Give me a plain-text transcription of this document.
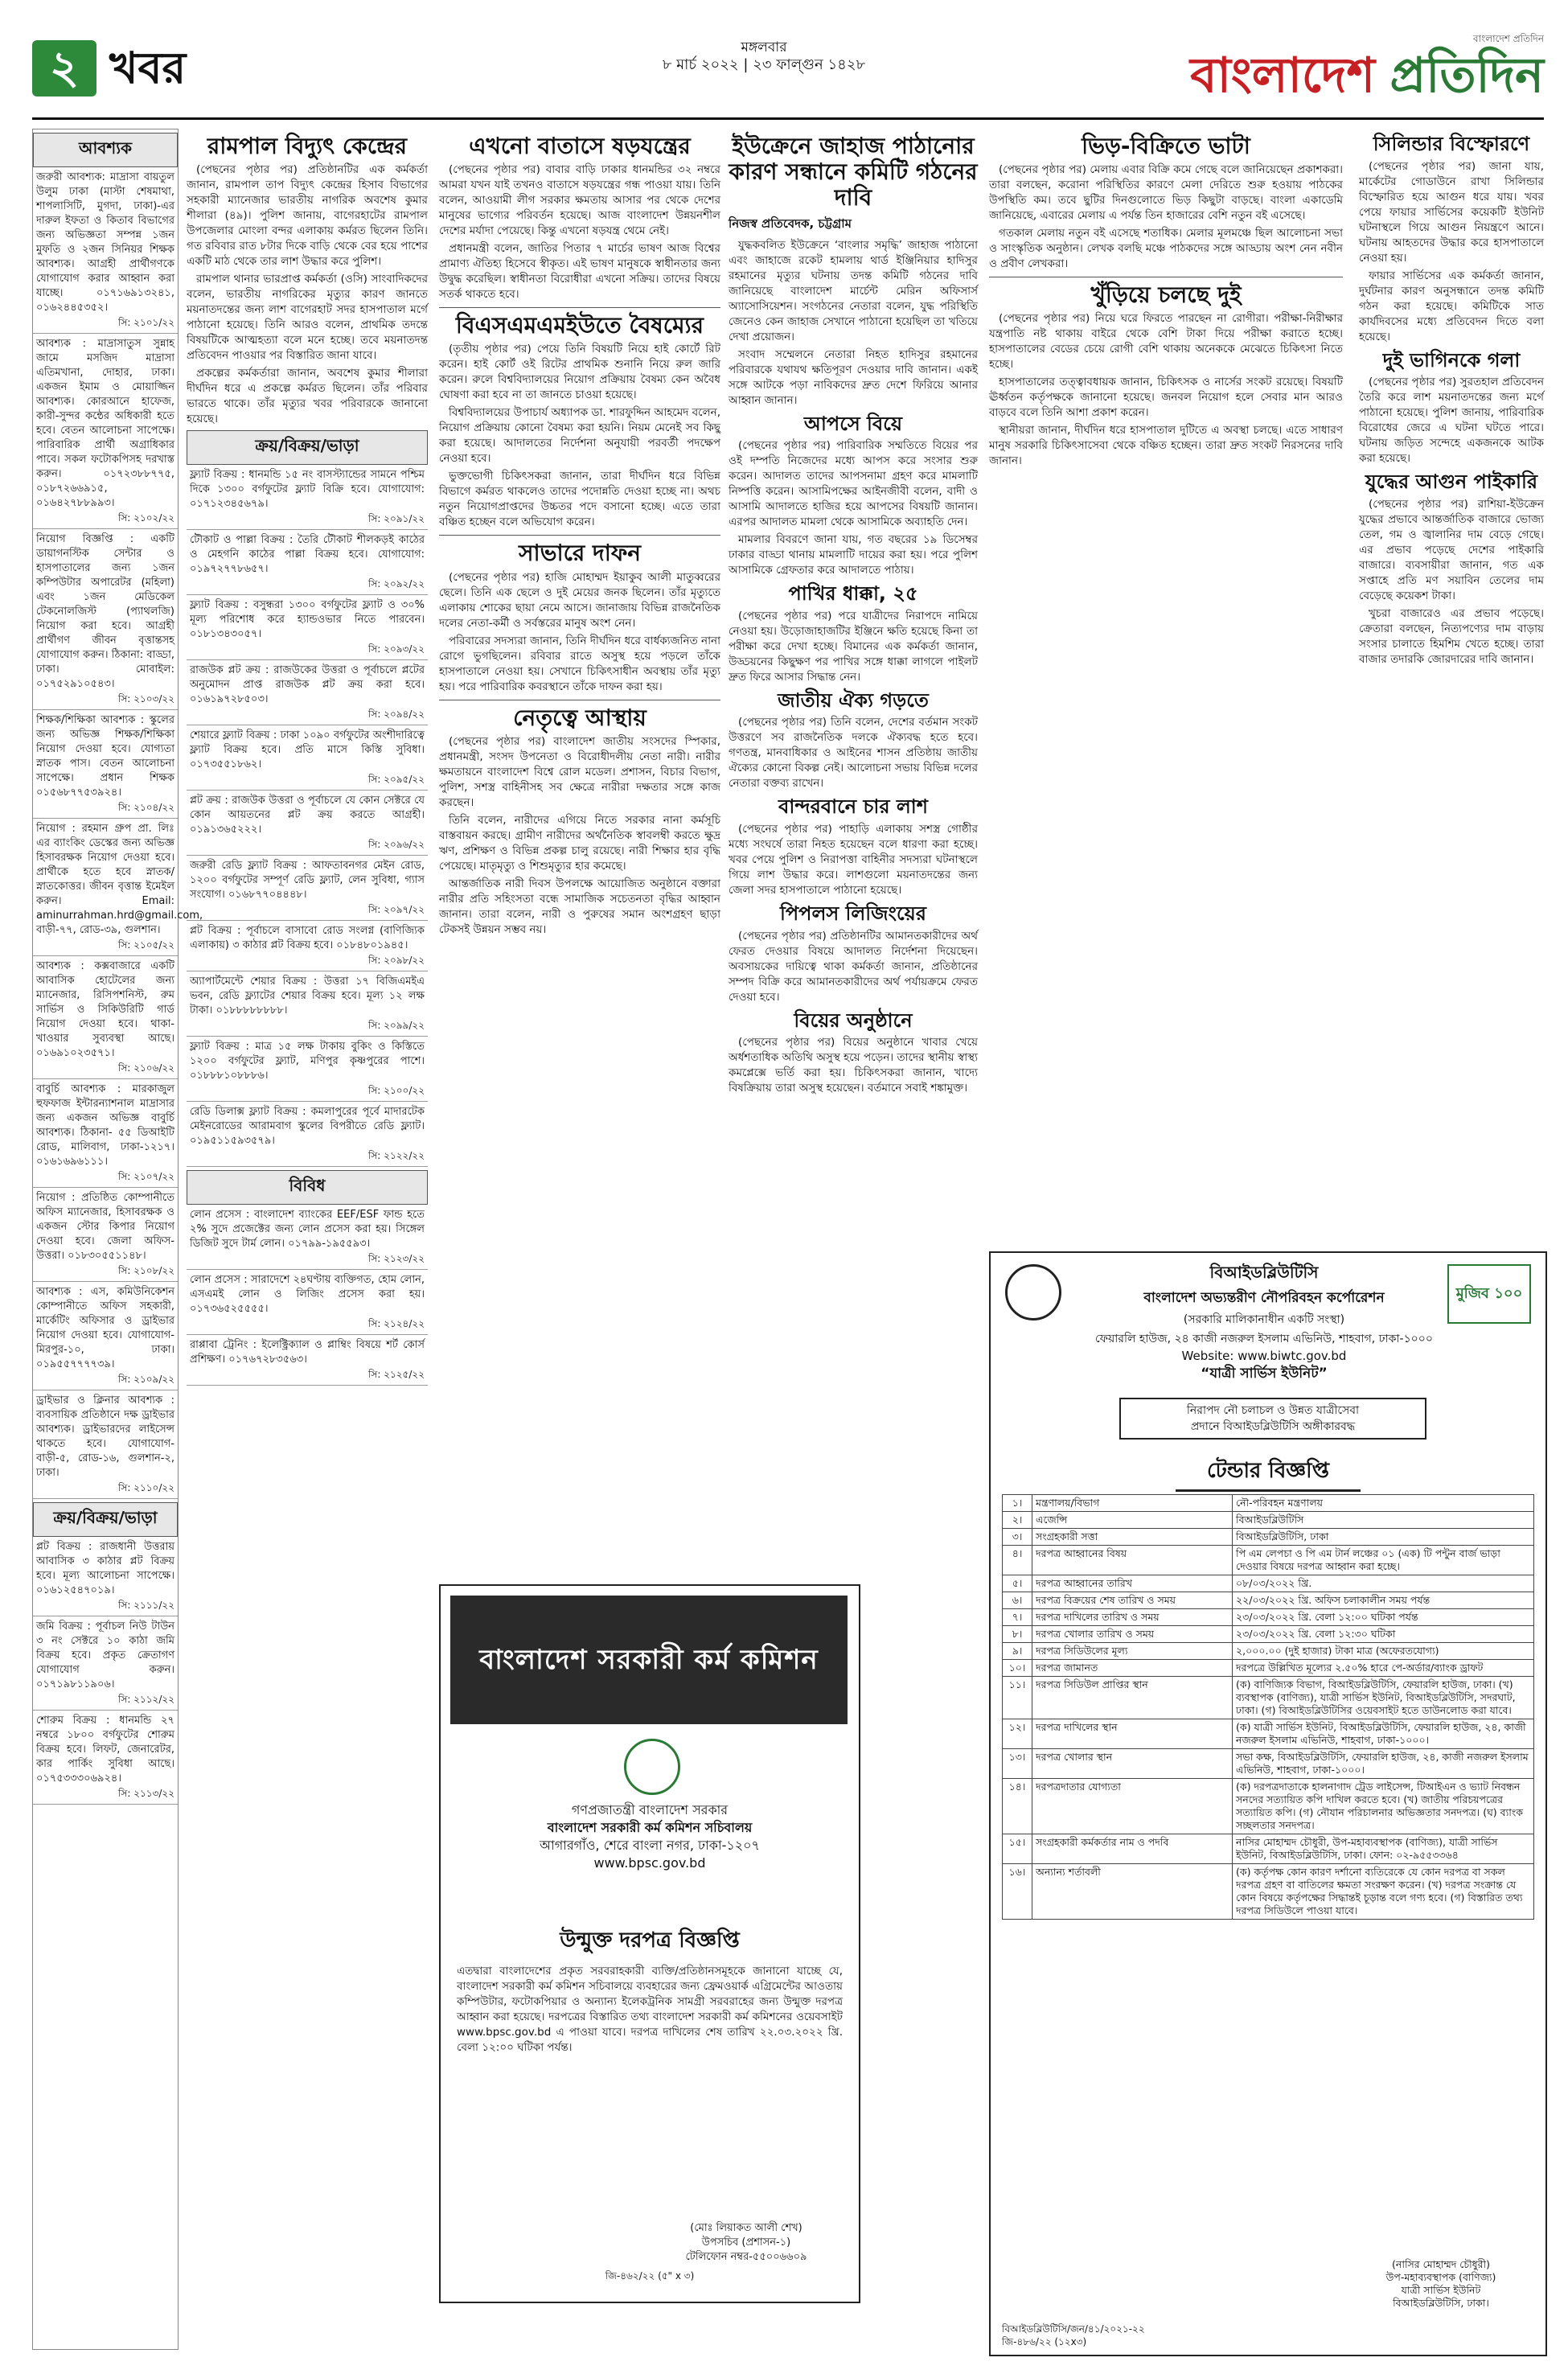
২ খবর	মঙ্গলবার
৮ মার্চ ২০২২ | ২৩ ফাল্গুন ১৪২৮
বাংলাদেশ প্রতিদিন
বাংলাদেশ প্রতিদিন
আবশ্যক
জরুরী আবশ্যক: মাদ্রাসা বায়তুল উলুম ঢাকা (মাস্টা শেষমাথা, শাপলাসিটি, মুগদা, ঢাকা)-এর দারুল ইফতা ও কিতাব বিভাগের জন্য অভিজ্ঞতা সম্পন্ন ১জন মুফতি ও ২জন সিনিয়র শিক্ষক আবশ্যক। আগ্রহী প্রার্থীগণকে যোগাযোগ করার আহ্বান করা যাচ্ছে। ০১৭১৬৯১৩২৪১, ০১৬২৪৪৫৩৫২।
সি: ২১০১/২২
আবশ্যক : মাদ্রাসাতুস সুন্নাহ জামে মসজিদ মাদ্রাসা এতিমখানা, দোহার, ঢাকা। একজন ইমাম ও মোয়াজ্জিন আবশ্যক। কোরআনে হাফেজ, কারী-সুন্দর কন্ঠের অধিকারী হতে হবে। বেতন আলোচনা সাপেক্ষে। পারিবারিক প্রার্থী অগ্রাধিকার পাবে। সকল ফটোকপিসহ দরখাস্ত করুন। ০১৭২৩৮৮৭৭৫, ০১৮৭২৬৬৯১৫, ০১৬৪২৭৮৮৯৯৩।
সি: ২১০২/২২
নিয়োগ বিজ্ঞপ্তি : একটি ডায়াগনস্টিক সেন্টার ও হাসপাতালের জন্য ১জন কম্পিউটার অপারেটর (মহিলা) এবং ১জন মেডিকেল টেকনোলজিস্ট (প্যাথলজি) নিয়োগ করা হবে। আগ্রহী প্রার্থীগণ জীবন বৃত্তান্তসহ যোগাযোগ করুন। ঠিকানা: বাড্ডা, ঢাকা। মোবাইল: ০১৭৫২৯১০৫৪৩।
সি: ২১০৩/২২
শিক্ষক/শিক্ষিকা আবশ্যক : স্কুলের জন্য অভিজ্ঞ শিক্ষক/শিক্ষিকা নিয়োগ দেওয়া হবে। যোগ্যতা স্নাতক পাস। বেতন আলোচনা সাপেক্ষে। প্রধান শিক্ষক ০১৫৬৮৭৭৫৩৯২৪।
সি: ২১০৪/২২
নিয়োগ : রহমান গ্রুপ প্রা. লিঃ এর ব্যাংকিং ডেস্কের জন্য অভিজ্ঞ হিসাবরক্ষক নিয়োগ দেওয়া হবে। প্রার্থীকে হতে হবে স্নাতক/স্নাতকোত্তর। জীবন বৃত্তান্ত ইমেইল করুন। Email: aminurrahman.hrd@gmail.com, বাড়ী-৭৭, রোড-৩৯, গুলশান।
সি: ২১০৫/২২
আবশ্যক : কক্সবাজারে একটি আবাসিক হোটেলের জন্য ম্যানেজার, রিসিপশনিস্ট, রুম সার্ভিস ও সিকিউরিটি গার্ড নিয়োগ দেওয়া হবে। থাকা-খাওয়ার সুব্যবস্থা আছে। ০১৬৯১০২৩৫৭১।
সি: ২১০৬/২২
বাবুর্চি আবশ্যক : মারকাজুল হুফফাজ ইন্টারন্যাশনাল মাদ্রাসার জন্য একজন অভিজ্ঞ বাবুর্চি আবশ্যক। ঠিকানা- ৫৫ ডিআইটি রোড, মালিবাগ, ঢাকা-১২১৭। ০১৬১৬৯৬১১১।
সি: ২১০৭/২২
নিয়োগ : প্রতিষ্ঠিত কোম্পানীতে অফিস ম্যানেজার, হিসাবরক্ষক ও একজন স্টোর কিপার নিয়োগ দেওয়া হবে। জেলা অফিস-উত্তরা। ০১৮৩০৫৫১১৪৮।
সি: ২১০৮/২২
আবশ্যক : এস, কমিউনিকেশন কোম্পানীতে অফিস সহকারী, মার্কেটিং অফিসার ও ড্রাইভার নিয়োগ দেওয়া হবে। যোগাযোগ- মিরপুর-১০, ঢাকা। ০১৯৫৫৭৭৭৭৩৯।
সি: ২১০৯/২২
ড্রাইভার ও ক্লিনার আবশ্যক : ব্যবসায়িক প্রতিষ্ঠানে দক্ষ ড্রাইভার আবশ্যক। ড্রাইভারদের লাইসেন্স থাকতে হবে। যোগাযোগ- বাড়ী-৫, রোড-১৬, গুলশান-২, ঢাকা।
সি: ২১১০/২২
ক্রয়/বিক্রয়/ভাড়া
প্লট বিক্রয় : রাজধানী উত্তরায় আবাসিক ৩ কাঠার প্লট বিক্রয় হবে। মূল্য আলোচনা সাপেক্ষে। ০১৬১২৫৪৭০১৯।
সি: ২১১১/২২
জমি বিক্রয় : পূর্বাচল নিউ টাউন ৩ নং সেক্টরে ১০ কাঠা জমি বিক্রয় হবে। প্রকৃত ক্রেতাগণ যোগাযোগ করুন। ০১৭১৯৮১১৯০৬।
সি: ২১১২/২২
শোরুম বিক্রয় : ধানমন্ডি ২৭ নম্বরে ১৮০০ বর্গফুটের শোরুম বিক্রয় হবে। লিফট, জেনারেটর, কার পার্কিং সুবিধা আছে। ০১৭৫৩৩৩০৬৯২৪।
সি: ২১১৩/২২
রামপাল বিদ্যুৎ কেন্দ্রের

(পেছনের পৃষ্ঠার পর) প্রতিষ্ঠানটির এক কর্মকর্তা জানান, রামপাল তাপ বিদ্যুৎ কেন্দ্রের হিসাব বিভাগের সহকারী ম্যানেজার ভারতীয় নাগরিক অবশেষ কুমার শীলারা (৪৯)। পুলিশ জানায়, বাগেরহাটের রামপাল উপজেলার মোংলা বন্দর এলাকায় কর্মরত ছিলেন তিনি। গত রবিবার রাত ৮টার দিকে বাড়ি থেকে বের হয়ে পাশের একটি মাঠ থেকে তার লাশ উদ্ধার করে পুলিশ।

রামপাল থানার ভারপ্রাপ্ত কর্মকর্তা (ওসি) সাংবাদিকদের বলেন, ভারতীয় নাগরিকের মৃত্যুর কারণ জানতে ময়নাতদন্তের জন্য লাশ বাগেরহাট সদর হাসপাতাল মর্গে পাঠানো হয়েছে। তিনি আরও বলেন, প্রাথমিক তদন্তে বিষয়টিকে আত্মহত্যা বলে মনে হচ্ছে। তবে ময়নাতদন্ত প্রতিবেদন পাওয়ার পর বিস্তারিত জানা যাবে।

প্রকল্পের কর্মকর্তারা জানান, অবশেষ কুমার শীলারা দীর্ঘদিন ধরে এ প্রকল্পে কর্মরত ছিলেন। তাঁর পরিবার ভারতে থাকে। তাঁর মৃত্যুর খবর পরিবারকে জানানো হয়েছে।

ক্রয়/বিক্রয়/ভাড়া
ফ্ল্যাট বিক্রয় : ধানমন্ডি ১৫ নং বাসস্ট্যান্ডের সামনে পশ্চিম দিকে ১৩০০ বর্গফুটের ফ্ল্যাট বিক্রি হবে। যোগাযোগ: ০১৭১২৩৪৫৬৭৯।
সি: ২০৯১/২২
টৌকাট ও পাল্লা বিক্রয় : তৈরি টৌকাট শীলকড়ই কাঠের ও মেহগনি কাঠের পাল্লা বিক্রয় হবে। যোগাযোগ: ০১৯৭২৭৭৮৬৫৭।
সি: ২০৯২/২২
ফ্ল্যাট বিক্রয় : বসুন্ধরা ১৩০০ বর্গফুটের ফ্ল্যাট ও ৩০% মূল্য পরিশোধ করে হ্যান্ডওভার নিতে পারবেন। ০১৮১৩৪৩০৫৭।
সি: ২০৯৩/২২
রাজউক প্লট ক্রয় : রাজউকের উত্তরা ও পূর্বাচলে প্লটের অনুমোদন প্রাপ্ত রাজউক প্লট ক্রয় করা হবে। ০১৬১৯৭২৮৫০৩।
সি: ২০৯৪/২২
শেয়ারে ফ্ল্যাট বিক্রয় : ঢাকা ১০৯০ বর্গফুটের অংশীদারিত্বে ফ্ল্যাট বিক্রয় হবে। প্রতি মাসে কিস্তি সুবিধা। ০১৭৩৫৫১৮৬২।
সি: ২০৯৫/২২
প্লট ক্রয় : রাজউক উত্তরা ও পূর্বাচলে যে কোন সেক্টরে যে কোন আয়তনের প্লট ক্রয় করতে আগ্রহী। ০১৯১৩৬৫২২২।
সি: ২০৯৬/২২
জরুরী রেডি ফ্ল্যাট বিক্রয় : আফতাবনগর মেইন রোড, ১২০০ বর্গফুটের সম্পূর্ণ রেডি ফ্ল্যাট, লেন সুবিধা, গ্যাস সংযোগ। ০১৬৮৭৭০৪৪৪৮।
সি: ২০৯৭/২২
প্লট বিক্রয় : পূর্বাচলে বাসাবো রোড সংলগ্ন (বাণিজ্যিক এলাকায়) ৩ কাঠার প্লট বিক্রয় হবে। ০১৮৪৮০১৯৪৫।
সি: ২০৯৮/২২
অ্যাপার্টমেন্টে শেয়ার বিক্রয় : উত্তরা ১৭ বিজিএমইএ ভবন, রেডি ফ্ল্যাটের শেয়ার বিক্রয় হবে। মূল্য ১২ লক্ষ টাকা। ০১৮৮৮৮৮৮৮৮।
সি: ২০৯৯/২২
ফ্ল্যাট বিক্রয় : মাত্র ১৫ লক্ষ টাকায় বুকিং ও কিস্তিতে ১২০০ বর্গফুটের ফ্ল্যাট, মণিপুর কৃষ্ণপুরের পাশে। ০১৮৮৮১০৮৮৮৬।
সি: ২১০০/২২
রেডি ডিলাক্স ফ্ল্যাট বিক্রয় : কমলাপুরের পূর্বে মাদারটেক মেইনরোডের আরামবাগ স্কুলের বিপরীতে রেডি ফ্ল্যাট। ০১৯৫১১৫৯৩৫৭৯।
সি: ২১২২/২২
বিবিধ
লোন প্রসেস : বাংলাদেশ ব্যাংকের EEF/ESF ফান্ড হতে ২% সুদে প্রজেক্টের জন্য লোন প্রসেস করা হয়। সিঙ্গেল ডিজিট সুদে টার্ম লোন। ০১৭৯৯-১৯৫৫৯৩।
সি: ২১২৩/২২
লোন প্রসেস : সারাদেশে ২৪ঘণ্টায় ব্যক্তিগত, হোম লোন, এসএমই লোন ও লিজিং প্রসেস করা হয়। ০১৭৩৬৫২৫৫৫৫।
সি: ২১২৪/২২
রাপ্পাবা ট্রেনিং : ইলেক্ট্রিক্যাল ও প্লাম্বিং বিষয়ে শর্ট কোর্স প্রশিক্ষণ। ০১৭৬৭২৮৩৫৬৩।
সি: ২১২৫/২২
এখনো বাতাসে ষড়যন্ত্রের

(পেছনের পৃষ্ঠার পর) বাবার বাড়ি ঢাকার ধানমন্ডির ৩২ নম্বরে আমরা যখন যাই তখনও বাতাসে ষড়যন্ত্রের গন্ধ পাওয়া যায়। তিনি বলেন, আওয়ামী লীগ সরকার ক্ষমতায় আসার পর থেকে দেশের মানুষের ভাগ্যের পরিবর্তন হয়েছে। আজ বাংলাদেশ উন্নয়নশীল দেশের মর্যাদা পেয়েছে। কিন্তু এখনো ষড়যন্ত্র থেমে নেই।

প্রধানমন্ত্রী বলেন, জাতির পিতার ৭ মার্চের ভাষণ আজ বিশ্বের প্রামাণ্য ঐতিহ্য হিসেবে স্বীকৃত। এই ভাষণ মানুষকে স্বাধীনতার জন্য উদ্বুদ্ধ করেছিল। স্বাধীনতা বিরোধীরা এখনো সক্রিয়। তাদের বিষয়ে সতর্ক থাকতে হবে।

বিএসএমএমইউতে বৈষম্যের

(তৃতীয় পৃষ্ঠার পর) পেয়ে তিনি বিষয়টি নিয়ে হাই কোর্টে রিট করেন। হাই কোর্ট ওই রিটের প্রাথমিক শুনানি নিয়ে রুল জারি করেন। রুলে বিশ্ববিদ্যালয়ের নিয়োগ প্রক্রিয়ায় বৈষম্য কেন অবৈধ ঘোষণা করা হবে না তা জানতে চাওয়া হয়েছে।

বিশ্ববিদ্যালয়ের উপাচার্য অধ্যাপক ডা. শারফুদ্দিন আহমেদ বলেন, নিয়োগ প্রক্রিয়ায় কোনো বৈষম্য করা হয়নি। নিয়ম মেনেই সব কিছু করা হয়েছে। আদালতের নির্দেশনা অনুযায়ী পরবর্তী পদক্ষেপ নেওয়া হবে।

ভুক্তভোগী চিকিৎসকরা জানান, তারা দীর্ঘদিন ধরে বিভিন্ন বিভাগে কর্মরত থাকলেও তাদের পদোন্নতি দেওয়া হচ্ছে না। অথচ নতুন নিয়োগপ্রাপ্তদের উচ্চতর পদে বসানো হচ্ছে। এতে তারা বঞ্চিত হচ্ছেন বলে অভিযোগ করেন।

সাভারে দাফন

(পেছনের পৃষ্ঠার পর) হাজি মোহাম্মদ ইয়াকুব আলী মাতুব্বরের ছেলে। তিনি এক ছেলে ও দুই মেয়ের জনক ছিলেন। তাঁর মৃত্যুতে এলাকায় শোকের ছায়া নেমে আসে। জানাজায় বিভিন্ন রাজনৈতিক দলের নেতা-কর্মী ও সর্বস্তরের মানুষ অংশ নেন।

পরিবারের সদস্যরা জানান, তিনি দীর্ঘদিন ধরে বার্ধক্যজনিত নানা রোগে ভুগছিলেন। রবিবার রাতে অসুস্থ হয়ে পড়লে তাঁকে হাসপাতালে নেওয়া হয়। সেখানে চিকিৎসাধীন অবস্থায় তাঁর মৃত্যু হয়। পরে পারিবারিক কবরস্থানে তাঁকে দাফন করা হয়।

নেতৃত্বে আস্থায়

(পেছনের পৃষ্ঠার পর) বাংলাদেশ জাতীয় সংসদের স্পিকার, প্রধানমন্ত্রী, সংসদ উপনেতা ও বিরোধীদলীয় নেতা নারী। নারীর ক্ষমতায়নে বাংলাদেশ বিশ্বে রোল মডেল। প্রশাসন, বিচার বিভাগ, পুলিশ, সশস্ত্র বাহিনীসহ সব ক্ষেত্রে নারীরা দক্ষতার সঙ্গে কাজ করছেন।

তিনি বলেন, নারীদের এগিয়ে নিতে সরকার নানা কর্মসূচি বাস্তবায়ন করছে। গ্রামীণ নারীদের অর্থনৈতিক স্বাবলম্বী করতে ক্ষুদ্র ঋণ, প্রশিক্ষণ ও বিভিন্ন প্রকল্প চালু রয়েছে। নারী শিক্ষার হার বৃদ্ধি পেয়েছে। মাতৃমৃত্যু ও শিশুমৃত্যুর হার কমেছে।

আন্তর্জাতিক নারী দিবস উপলক্ষে আয়োজিত অনুষ্ঠানে বক্তারা নারীর প্রতি সহিংসতা বন্ধে সামাজিক সচেতনতা বৃদ্ধির আহ্বান জানান। তারা বলেন, নারী ও পুরুষের সমান অংশগ্রহণ ছাড়া টেকসই উন্নয়ন সম্ভব নয়।

ইউক্রেনে জাহাজ পাঠানোর কারণ সন্ধানে কমিটি গঠনের দাবি
নিজস্ব প্রতিবেদক, চট্টগ্রাম

যুদ্ধকবলিত ইউক্রেনে ‘বাংলার সমৃদ্ধি’ জাহাজ পাঠানো এবং জাহাজে রকেট হামলায় থার্ড ইঞ্জিনিয়ার হাদিসুর রহমানের মৃত্যুর ঘটনায় তদন্ত কমিটি গঠনের দাবি জানিয়েছে বাংলাদেশ মার্চেন্ট মেরিন অফিসার্স অ্যাসোসিয়েশন। সংগঠনের নেতারা বলেন, যুদ্ধ পরিস্থিতি জেনেও কেন জাহাজ সেখানে পাঠানো হয়েছিল তা খতিয়ে দেখা প্রয়োজন।

সংবাদ সম্মেলনে নেতারা নিহত হাদিসুর রহমানের পরিবারকে যথাযথ ক্ষতিপূরণ দেওয়ার দাবি জানান। একই সঙ্গে আটকে পড়া নাবিকদের দ্রুত দেশে ফিরিয়ে আনার আহ্বান জানান।

আপসে বিয়ে

(পেছনের পৃষ্ঠার পর) পারিবারিক সম্মতিতে বিয়ের পর ওই দম্পতি নিজেদের মধ্যে আপস করে সংসার শুরু করেন। আদালত তাদের আপসনামা গ্রহণ করে মামলাটি নিষ্পত্তি করেন। আসামিপক্ষের আইনজীবী বলেন, বাদী ও আসামি আদালতে হাজির হয়ে আপসের বিষয়টি জানান। এরপর আদালত মামলা থেকে আসামিকে অব্যাহতি দেন।

মামলার বিবরণে জানা যায়, গত বছরের ১৯ ডিসেম্বর ঢাকার বাড্ডা থানায় মামলাটি দায়ের করা হয়। পরে পুলিশ আসামিকে গ্রেফতার করে আদালতে পাঠায়।

পাখির ধাক্কা, ২৫

(পেছনের পৃষ্ঠার পর) পরে যাত্রীদের নিরাপদে নামিয়ে নেওয়া হয়। উড়োজাহাজটির ইঞ্জিনে ক্ষতি হয়েছে কিনা তা পরীক্ষা করে দেখা হচ্ছে। বিমানের এক কর্মকর্তা জানান, উড্ডয়নের কিছুক্ষণ পর পাখির সঙ্গে ধাক্কা লাগলে পাইলট দ্রুত ফিরে আসার সিদ্ধান্ত নেন।

জাতীয় ঐক্য গড়তে

(পেছনের পৃষ্ঠার পর) তিনি বলেন, দেশের বর্তমান সংকট উত্তরণে সব রাজনৈতিক দলকে ঐক্যবদ্ধ হতে হবে। গণতন্ত্র, মানবাধিকার ও আইনের শাসন প্রতিষ্ঠায় জাতীয় ঐক্যের কোনো বিকল্প নেই। আলোচনা সভায় বিভিন্ন দলের নেতারা বক্তব্য রাখেন।

বান্দরবানে চার লাশ

(পেছনের পৃষ্ঠার পর) পাহাড়ি এলাকায় সশস্ত্র গোষ্ঠীর মধ্যে সংঘর্ষে তারা নিহত হয়েছেন বলে ধারণা করা হচ্ছে। খবর পেয়ে পুলিশ ও নিরাপত্তা বাহিনীর সদস্যরা ঘটনাস্থলে গিয়ে লাশ উদ্ধার করে। লাশগুলো ময়নাতদন্তের জন্য জেলা সদর হাসপাতালে পাঠানো হয়েছে।

পিপলস লিজিংয়ের

(পেছনের পৃষ্ঠার পর) প্রতিষ্ঠানটির আমানতকারীদের অর্থ ফেরত দেওয়ার বিষয়ে আদালত নির্দেশনা দিয়েছেন। অবসায়কের দায়িত্বে থাকা কর্মকর্তা জানান, প্রতিষ্ঠানের সম্পদ বিক্রি করে আমানতকারীদের অর্থ পর্যায়ক্রমে ফেরত দেওয়া হবে।

বিয়ের অনুষ্ঠানে

(পেছনের পৃষ্ঠার পর) বিয়ের অনুষ্ঠানে খাবার খেয়ে অর্ধশতাধিক অতিথি অসুস্থ হয়ে পড়েন। তাদের স্থানীয় স্বাস্থ্য কমপ্লেক্সে ভর্তি করা হয়। চিকিৎসকরা জানান, খাদ্যে বিষক্রিয়ায় তারা অসুস্থ হয়েছেন। বর্তমানে সবাই শঙ্কামুক্ত।

ভিড়-বিক্রিতে ভাটা

(পেছনের পৃষ্ঠার পর) মেলায় এবার বিক্রি কমে গেছে বলে জানিয়েছেন প্রকাশকরা। তারা বলছেন, করোনা পরিস্থিতির কারণে মেলা দেরিতে শুরু হওয়ায় পাঠকের উপস্থিতি কম। তবে ছুটির দিনগুলোতে ভিড় কিছুটা বাড়ছে। বাংলা একাডেমি জানিয়েছে, এবারের মেলায় এ পর্যন্ত তিন হাজারের বেশি নতুন বই এসেছে।

গতকাল মেলায় নতুন বই এসেছে শতাধিক। মেলার মূলমঞ্চে ছিল আলোচনা সভা ও সাংস্কৃতিক অনুষ্ঠান। লেখক বলছি মঞ্চে পাঠকদের সঙ্গে আড্ডায় অংশ নেন নবীন ও প্রবীণ লেখকরা।

খুঁড়িয়ে চলছে দুই

(পেছনের পৃষ্ঠার পর) নিয়ে ঘরে ফিরতে পারছেন না রোগীরা। পরীক্ষা-নিরীক্ষার যন্ত্রপাতি নষ্ট থাকায় বাইরে থেকে বেশি টাকা দিয়ে পরীক্ষা করাতে হচ্ছে। হাসপাতালের বেডের চেয়ে রোগী বেশি থাকায় অনেককে মেঝেতে চিকিৎসা নিতে হচ্ছে।

হাসপাতালের তত্ত্বাবধায়ক জানান, চিকিৎসক ও নার্সের সংকট রয়েছে। বিষয়টি ঊর্ধ্বতন কর্তৃপক্ষকে জানানো হয়েছে। জনবল নিয়োগ হলে সেবার মান আরও বাড়বে বলে তিনি আশা প্রকাশ করেন।

স্থানীয়রা জানান, দীর্ঘদিন ধরে হাসপাতাল দুটিতে এ অবস্থা চলছে। এতে সাধারণ মানুষ সরকারি চিকিৎসাসেবা থেকে বঞ্চিত হচ্ছেন। তারা দ্রুত সংকট নিরসনের দাবি জানান।

সিলিন্ডার বিস্ফোরণে

(পেছনের পৃষ্ঠার পর) জানা যায়, মার্কেটের গোডাউনে রাখা সিলিন্ডার বিস্ফোরিত হয়ে আগুন ধরে যায়। খবর পেয়ে ফায়ার সার্ভিসের কয়েকটি ইউনিট ঘটনাস্থলে গিয়ে আগুন নিয়ন্ত্রণে আনে। ঘটনায় আহতদের উদ্ধার করে হাসপাতালে নেওয়া হয়।

ফায়ার সার্ভিসের এক কর্মকর্তা জানান, দুর্ঘটনার কারণ অনুসন্ধানে তদন্ত কমিটি গঠন করা হয়েছে। কমিটিকে সাত কার্যদিবসের মধ্যে প্রতিবেদন দিতে বলা হয়েছে।

দুই ভাগিনকে গলা

(পেছনের পৃষ্ঠার পর) সুরতহাল প্রতিবেদন তৈরি করে লাশ ময়নাতদন্তের জন্য মর্গে পাঠানো হয়েছে। পুলিশ জানায়, পারিবারিক বিরোধের জেরে এ ঘটনা ঘটতে পারে। ঘটনায় জড়িত সন্দেহে একজনকে আটক করা হয়েছে।

যুদ্ধের আগুন পাইকারি

(পেছনের পৃষ্ঠার পর) রাশিয়া-ইউক্রেন যুদ্ধের প্রভাবে আন্তর্জাতিক বাজারে ভোজ্য তেল, গম ও জ্বালানির দাম বেড়ে গেছে। এর প্রভাব পড়েছে দেশের পাইকারি বাজারে। ব্যবসায়ীরা জানান, গত এক সপ্তাহে প্রতি মণ সয়াবিন তেলের দাম বেড়েছে কয়েকশ টাকা।

খুচরা বাজারেও এর প্রভাব পড়েছে। ক্রেতারা বলছেন, নিত্যপণ্যের দাম বাড়ায় সংসার চালাতে হিমশিম খেতে হচ্ছে। তারা বাজার তদারকি জোরদারের দাবি জানান।

বাংলাদেশ সরকারী কর্ম কমিশন
গণপ্রজাতন্ত্রী বাংলাদেশ সরকার
বাংলাদেশ সরকারী কর্ম কমিশন সচিবালয়
আগারগাঁও, শেরে বাংলা নগর, ঢাকা-১২০৭
www.bpsc.gov.bd
উন্মুক্ত দরপত্র বিজ্ঞপ্তি
এতদ্বারা বাংলাদেশের প্রকৃত সরবরাহকারী ব্যক্তি/প্রতিষ্ঠানসমূহকে জানানো যাচ্ছে যে, বাংলাদেশ সরকারী কর্ম কমিশন সচিবালয়ে ব্যবহারের জন্য ফ্রেমওয়ার্ক এগ্রিমেন্টের আওতায় কম্পিউটার, ফটোকপিয়ার ও অন্যান্য ইলেকট্রনিক সামগ্রী সরবরাহের জন্য উন্মুক্ত দরপত্র আহ্বান করা হয়েছে। দরপত্রের বিস্তারিত তথ্য বাংলাদেশ সরকারী কর্ম কমিশনের ওয়েবসাইট www.bpsc.gov.bd এ পাওয়া যাবে। দরপত্র দাখিলের শেষ তারিখ ২২.০৩.২০২২ খ্রি. বেলা ১২:০০ ঘটিকা পর্যন্ত।
(মোঃ লিয়াকত আলী শেখ)
উপসচিব (প্রশাসন-১)
টেলিফোন নম্বর-৫৫০০৬৬০৯
জি-৪৬২/২২ (৫" x ৩)
মুজিব ১০০
বিআইডব্লিউটিসি
বাংলাদেশ অভ্যন্তরীণ নৌপরিবহন কর্পোরেশন
(সরকারি মালিকানাধীন একটি সংস্থা)
ফেয়ারলি হাউজ, ২৪ কাজী নজরুল ইসলাম এভিনিউ, শাহবাগ, ঢাকা-১০০০
Website: www.biwtc.gov.bd
“যাত্রী সার্ভিস ইউনিট”
নিরাপদ নৌ চলাচল ও উন্নত যাত্রীসেবা
প্রদানে বিআইডব্লিউটিসি অঙ্গীকারবদ্ধ
টেন্ডার বিজ্ঞপ্তি
১।	মন্ত্রণালয়/বিভাগ	নৌ-পরিবহন মন্ত্রণালয়
২।	এজেন্সি	বিআইডব্লিউটিসি
৩।	সংগ্রহকারী সত্তা	বিআইডব্লিউটিসি, ঢাকা
৪।	দরপত্র আহ্বানের বিষয়	পি এম লেপচা ও পি এম টার্ন লঞ্চের ০১ (এক) টি পন্টুন বার্জ ভাড়া দেওয়ার বিষয়ে দরপত্র আহ্বান করা হচ্ছে।
৫।	দরপত্র আহ্বানের তারিখ	০৮/০৩/২০২২ খ্রি.
৬।	দরপত্র বিক্রয়ের শেষ তারিখ ও সময়	২২/০৩/২০২২ খ্রি. অফিস চলাকালীন সময় পর্যন্ত
৭।	দরপত্র দাখিলের তারিখ ও সময়	২৩/০৩/২০২২ খ্রি. বেলা ১২:০০ ঘটিকা পর্যন্ত
৮।	দরপত্র খোলার তারিখ ও সময়	২৩/০৩/২০২২ খ্রি. বেলা ১২:৩০ ঘটিকা
৯।	দরপত্র সিডিউলের মূল্য	২,০০০.০০ (দুই হাজার) টাকা মাত্র (অফেরতযোগ্য)
১০।	দরপত্র জামানত	দরপত্রে উল্লিখিত মূল্যের ২.৫০% হারে পে-অর্ডার/ব্যাংক ড্রাফট
১১।	দরপত্র সিডিউল প্রাপ্তির স্থান	(ক) বাণিজ্যিক বিভাগ, বিআইডব্লিউটিসি, ফেয়ারলি হাউজ, ঢাকা। (খ) ব্যবস্থাপক (বাণিজ্য), যাত্রী সার্ভিস ইউনিট, বিআইডব্লিউটিসি, সদরঘাট, ঢাকা। (গ) বিআইডব্লিউটিসির ওয়েবসাইট হতে ডাউনলোড করা যাবে।
১২।	দরপত্র দাখিলের স্থান	(ক) যাত্রী সার্ভিস ইউনিট, বিআইডব্লিউটিসি, ফেয়ারলি হাউজ, ২৪, কাজী নজরুল ইসলাম এভিনিউ, শাহবাগ, ঢাকা-১০০০।
১৩।	দরপত্র খোলার স্থান	সভা কক্ষ, বিআইডব্লিউটিসি, ফেয়ারলি হাউজ, ২৪, কাজী নজরুল ইসলাম এভিনিউ, শাহবাগ, ঢাকা-১০০০।
১৪।	দরপত্রদাতার যোগ্যতা	(ক) দরপত্রদাতাকে হালনাগাদ ট্রেড লাইসেন্স, টিআইএন ও ভ্যাট নিবন্ধন সনদের সত্যায়িত কপি দাখিল করতে হবে। (খ) জাতীয় পরিচয়পত্রের সত্যায়িত কপি। (গ) নৌযান পরিচালনার অভিজ্ঞতার সনদপত্র। (ঘ) ব্যাংক সচ্ছলতার সনদপত্র।
১৫।	সংগ্রহকারী কর্মকর্তার নাম ও পদবি	নাসির মোহাম্মদ চৌধুরী, উপ-মহাব্যবস্থাপক (বাণিজ্য), যাত্রী সার্ভিস ইউনিট, বিআইডব্লিউটিসি, ঢাকা। ফোন: ০২-৯৫৫৩৩৬৪
১৬।	অন্যান্য শর্তাবলী	(ক) কর্তৃপক্ষ কোন কারণ দর্শানো ব্যতিরেকে যে কোন দরপত্র বা সকল দরপত্র গ্রহণ বা বাতিলের ক্ষমতা সংরক্ষণ করেন। (খ) দরপত্র সংক্রান্ত যে কোন বিষয়ে কর্তৃপক্ষের সিদ্ধান্তই চূড়ান্ত বলে গণ্য হবে। (গ) বিস্তারিত তথ্য দরপত্র সিডিউলে পাওয়া যাবে।
(নাসির মোহাম্মদ চৌধুরী)
উপ-মহাব্যবস্থাপক (বাণিজ্য)
যাত্রী সার্ভিস ইউনিট
বিআইডব্লিউটিসি, ঢাকা।
বিআইডব্লিউটিসি/জন/৪১/২০২১-২২
জি-৪৮৬/২২ (১২x৩)
